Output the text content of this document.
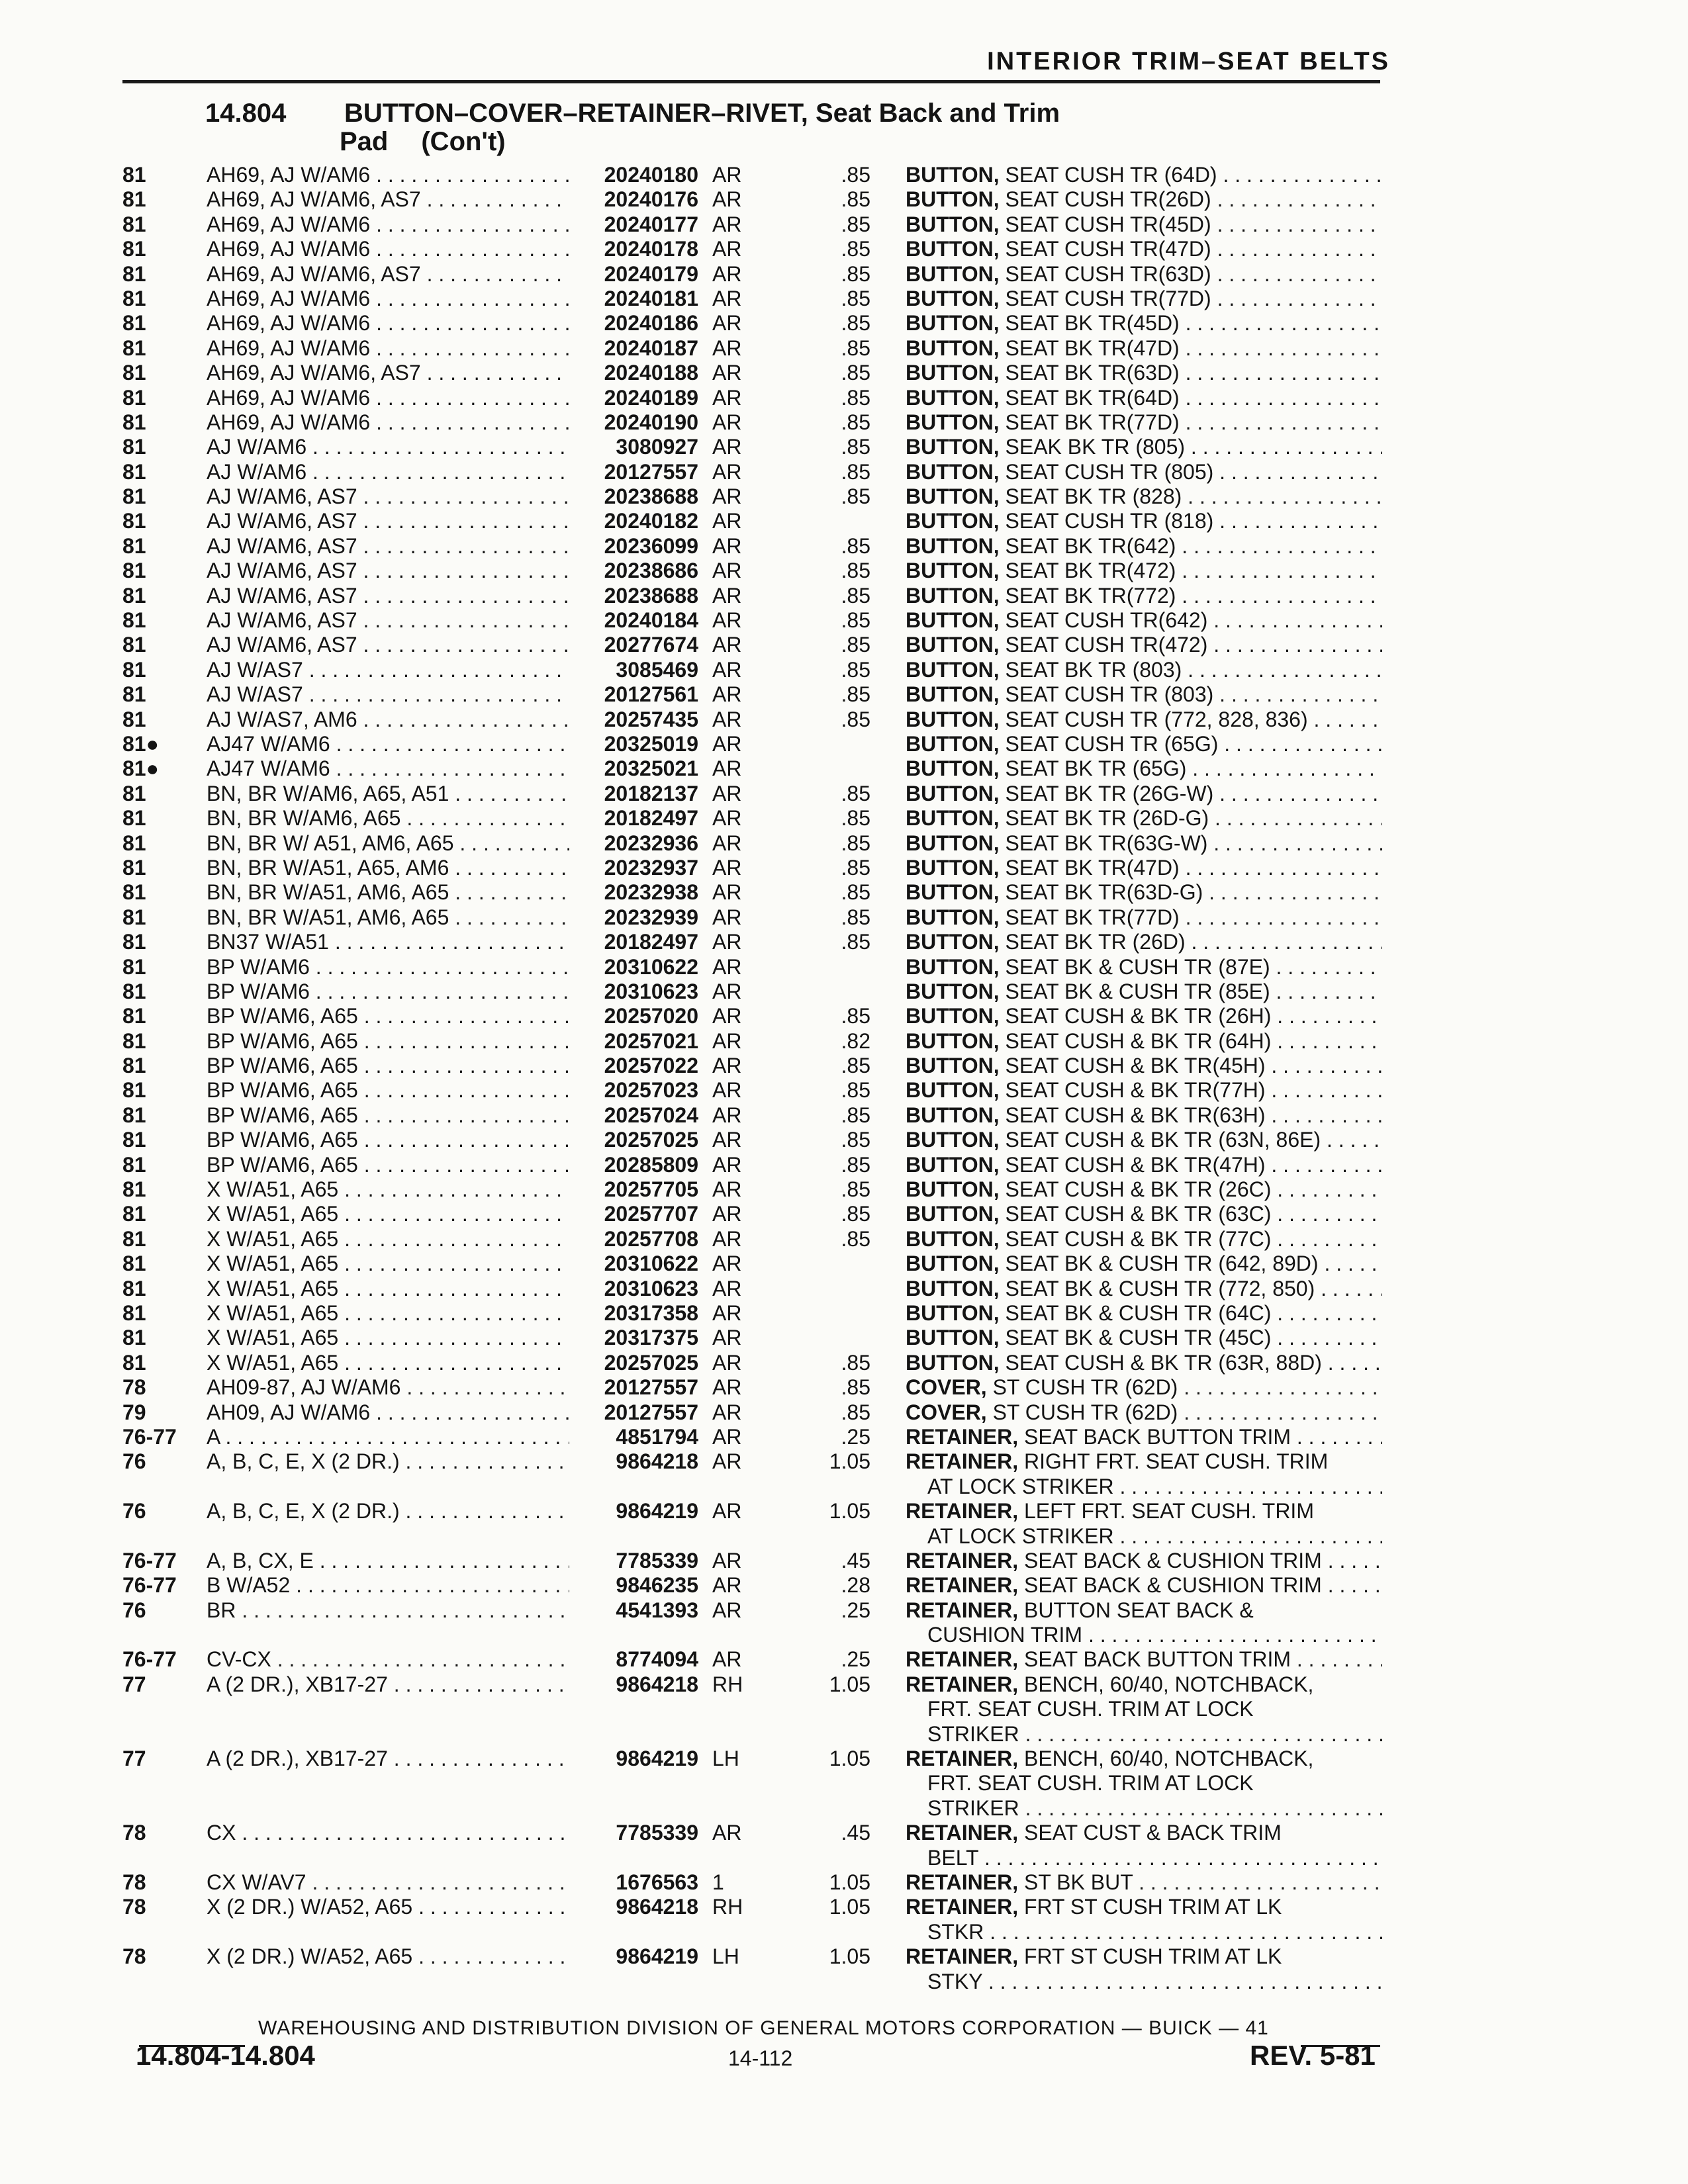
INTERIOR TRIM–SEAT BELTS
14.804 BUTTON–COVER–RETAINER–RIVET, Seat Back and Trim
Pad (Con't)
81	AH69, AJ W/AM6 . . .	20240180 AR	.85 BUTTON, SEAT CUSH TR (64D) . . .
81	AH69, AJ W/AM6, AS7 . . .	20240176 AR	.85 BUTTON, SEAT CUSH TR(26D) . . .
81	AH69, AJ W/AM6 . . .	20240177 AR	.85 BUTTON, SEAT CUSH TR(45D) . . .
81	AH69, AJ W/AM6 . . .	20240178 AR	.85 BUTTON, SEAT CUSH TR(47D) . . .
81	AH69, AJ W/AM6, AS7 . . .	20240179 AR	.85 BUTTON, SEAT CUSH TR(63D) . . .
81	AH69, AJ W/AM6 . . .	20240181 AR	.85 BUTTON, SEAT CUSH TR(77D) . . .
81	AH69, AJ W/AM6 . . .	20240186 AR	.85 BUTTON, SEAT BK TR(45D) . . .
81	AH69, AJ W/AM6 . . .	20240187 AR	.85 BUTTON, SEAT BK TR(47D) . . .
81	AH69, AJ W/AM6, AS7 . . .	20240188 AR	.85 BUTTON, SEAT BK TR(63D) . . .
81	AH69, AJ W/AM6 . . .	20240189 AR	.85 BUTTON, SEAT BK TR(64D) . . .
81	AH69, AJ W/AM6 . . .	20240190 AR	.85 BUTTON, SEAT BK TR(77D) . . .
81	AJ W/AM6 . . .	3080927 AR	.85 BUTTON, SEAK BK TR (805) . . .
81	AJ W/AM6 . . .	20127557 AR	.85 BUTTON, SEAT CUSH TR (805) . . .
81	AJ W/AM6, AS7 . . .	20238688 AR	.85 BUTTON, SEAT BK TR (828) . . .
81	AJ W/AM6, AS7 . . .	20240182 AR	BUTTON, SEAT CUSH TR (818) . . .
81	AJ W/AM6, AS7 . . .	20236099 AR	.85 BUTTON, SEAT BK TR(642) . . .
81	AJ W/AM6, AS7 . . .	20238686 AR	.85 BUTTON, SEAT BK TR(472) . . .
81	AJ W/AM6, AS7 . . .	20238688 AR	.85 BUTTON, SEAT BK TR(772) . . .
81	AJ W/AM6, AS7 . . .	20240184 AR	.85 BUTTON, SEAT CUSH TR(642) . . .
81	AJ W/AM6, AS7 . . .	20277674 AR	.85 BUTTON, SEAT CUSH TR(472) . . .
81	AJ W/AS7 . . .	3085469 AR	.85 BUTTON, SEAT BK TR (803) . . .
81	AJ W/AS7 . . .	20127561 AR	.85 BUTTON, SEAT CUSH TR (803) . . .
81	AJ W/AS7, AM6 . . .	20257435 AR	.85 BUTTON, SEAT CUSH TR (772, 828, 836) . . .
81● AJ47 W/AM6 . . .	20325019 AR	BUTTON, SEAT CUSH TR (65G) . . .
81● AJ47 W/AM6 . . .	20325021 AR	BUTTON, SEAT BK TR (65G) . . .
81	BN, BR W/AM6, A65, A51 . . .	20182137 AR	.85 BUTTON, SEAT BK TR (26G-W) . . .
81	BN, BR W/AM6, A65 . . .	20182497 AR	.85 BUTTON, SEAT BK TR (26D-G) . . .
81	BN, BR W/ A51, AM6, A65 . . .	20232936 AR	.85 BUTTON, SEAT BK TR(63G-W) . . .
81	BN, BR W/A51, A65, AM6 . . .	20232937 AR	.85 BUTTON, SEAT BK TR(47D) . . .
81	BN, BR W/A51, AM6, A65 . . .	20232938 AR	.85 BUTTON, SEAT BK TR(63D-G) . . .
81	BN, BR W/A51, AM6, A65 . . .	20232939 AR	.85 BUTTON, SEAT BK TR(77D) . . .
81	BN37 W/A51 . . .	20182497 AR	.85 BUTTON, SEAT BK TR (26D) . . .
81	BP W/AM6 . . .	20310622 AR	BUTTON, SEAT BK & CUSH TR (87E) . . .
81	BP W/AM6 . . .	20310623 AR	BUTTON, SEAT BK & CUSH TR (85E) . . .
81	BP W/AM6, A65 . . .	20257020 AR	.85 BUTTON, SEAT CUSH & BK TR (26H) . . .
81	BP W/AM6, A65 . . .	20257021 AR	.82 BUTTON, SEAT CUSH & BK TR (64H) . . .
81	BP W/AM6, A65 . . .	20257022 AR	.85 BUTTON, SEAT CUSH & BK TR(45H) . . .
81	BP W/AM6, A65 . . .	20257023 AR	.85 BUTTON, SEAT CUSH & BK TR(77H) . . .
81	BP W/AM6, A65 . . .	20257024 AR	.85 BUTTON, SEAT CUSH & BK TR(63H) . . .
81	BP W/AM6, A65 . . .	20257025 AR	.85 BUTTON, SEAT CUSH & BK TR (63N, 86E) . . .
81	BP W/AM6, A65 . . .	20285809 AR	.85 BUTTON, SEAT CUSH & BK TR(47H) . . .
81	X W/A51, A65 . . .	20257705 AR	.85 BUTTON, SEAT CUSH & BK TR (26C) . . .
81	X W/A51, A65 . . .	20257707 AR	.85 BUTTON, SEAT CUSH & BK TR (63C) . . .
81	X W/A51, A65 . . .	20257708 AR	.85 BUTTON, SEAT CUSH & BK TR (77C) . . .
81	X W/A51, A65 . . .	20310622 AR	BUTTON, SEAT BK & CUSH TR (642, 89D) . . .
81	X W/A51, A65 . . .	20310623 AR	BUTTON, SEAT BK & CUSH TR (772, 850) . . .
81	X W/A51, A65 . . .	20317358 AR	BUTTON, SEAT BK & CUSH TR (64C) . . .
81	X W/A51, A65 . . .	20317375 AR	BUTTON, SEAT BK & CUSH TR (45C) . . .
81	X W/A51, A65 . . .	20257025 AR	.85 BUTTON, SEAT CUSH & BK TR (63R, 88D) . . .
78	AH09-87, AJ W/AM6 . . .	20127557 AR	.85 COVER, ST CUSH TR (62D) . . .
79	AH09, AJ W/AM6 . . .	20127557 AR	.85 COVER, ST CUSH TR (62D) . . .
76-77 A . . .	4851794 AR	.25 RETAINER, SEAT BACK BUTTON TRIM . . .
76	A, B, C, E, X (2 DR.) . . .	9864218 AR	1.05 RETAINER, RIGHT FRT. SEAT CUSH. TRIM
AT LOCK STRIKER . . .
76	A, B, C, E, X (2 DR.) . . .	9864219 AR	1.05 RETAINER, LEFT FRT. SEAT CUSH. TRIM
AT LOCK STRIKER . . .
76-77 A, B, CX, E . . .	7785339 AR	.45 RETAINER, SEAT BACK & CUSHION TRIM . . .
76-77 B W/A52 . . .	9846235 AR	.28 RETAINER, SEAT BACK & CUSHION TRIM . . .
76	BR . . .	4541393 AR	.25 RETAINER, BUTTON SEAT BACK &
CUSHION TRIM . . .
76-77 CV-CX . . .	8774094 AR	.25 RETAINER, SEAT BACK BUTTON TRIM . . .
77	A (2 DR.), XB17-27 . . .	9864218 RH	1.05 RETAINER, BENCH, 60/40, NOTCHBACK,
FRT. SEAT CUSH. TRIM AT LOCK
STRIKER . . .
77	A (2 DR.), XB17-27 . . .	9864219 LH	1.05 RETAINER, BENCH, 60/40, NOTCHBACK,
FRT. SEAT CUSH. TRIM AT LOCK
STRIKER . . .
78	CX . . .	7785339 AR	.45 RETAINER, SEAT CUST & BACK TRIM
BELT . . .
78	CX W/AV7 . . .	1676563 1	1.05 RETAINER, ST BK BUT . . .
78	X (2 DR.) W/A52, A65 . . .	9864218 RH	1.05 RETAINER, FRT ST CUSH TRIM AT LK
STKR . . .
78	X (2 DR.) W/A52, A65 . . .	9864219 LH	1.05 RETAINER, FRT ST CUSH TRIM AT LK
STKY . . .
WAREHOUSING AND DISTRIBUTION DIVISION OF GENERAL MOTORS CORPORATION — BUICK — 41
14.804-14.804	14-112	REV. 5-81
